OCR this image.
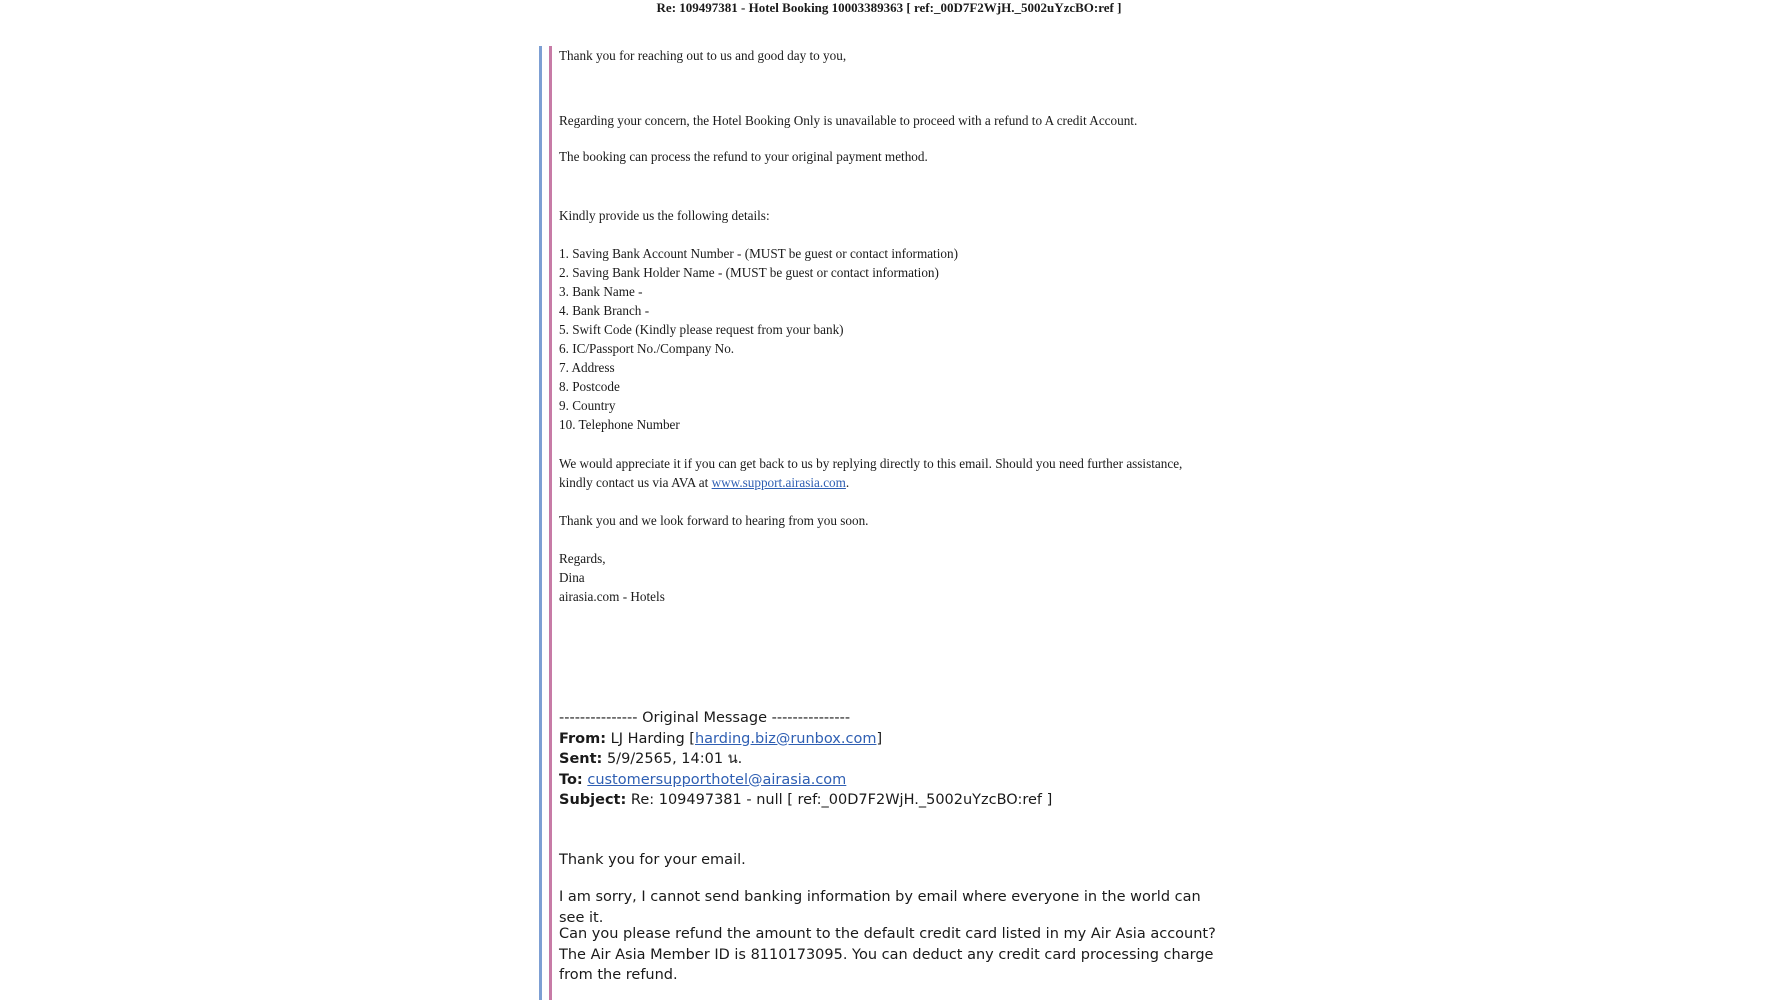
Re: 109497381 - Hotel Booking 10003389363 [ ref:_00D7F2WjH._5002uYzcBO:ref ]

Thank you for reaching out to us and good day to you,

Regarding your concern, the Hotel Booking Only is unavailable to proceed with a refund to A credit Account.

The booking can process the refund to your original payment method.

Kindly provide us the following details:

1. Saving Bank Account Number - (MUST be guest or contact information)

2. Saving Bank Holder Name - (MUST be guest or contact information)

3. Bank Name -

4. Bank Branch -

5. Swift Code (Kindly please request from your bank)

6. IC/Passport No./Company No.

7. Address

8. Postcode

9. Country

10. Telephone Number

We would appreciate it if you can get back to us by replying directly to this email. Should you need further assistance, kindly contact us via AVA at www.support.airasia.com.

Thank you and we look forward to hearing from you soon.

Regards,

Dina

airasia.com - Hotels

--------------- Original Message ---------------

From: LJ Harding [harding.biz@runbox.com]

Sent: 5/9/2565, 14:01 น.

To: customersupporthotel@airasia.com

Subject: Re: 109497381 - null [ ref:_00D7F2WjH._5002uYzcBO:ref ]

Thank you for your email.

I am sorry, I cannot send banking information by email where everyone in the world can see it.

Can you please refund the amount to the default credit card listed in my Air Asia account? The Air Asia Member ID is 8110173095. You can deduct any credit card processing charge from the refund.
